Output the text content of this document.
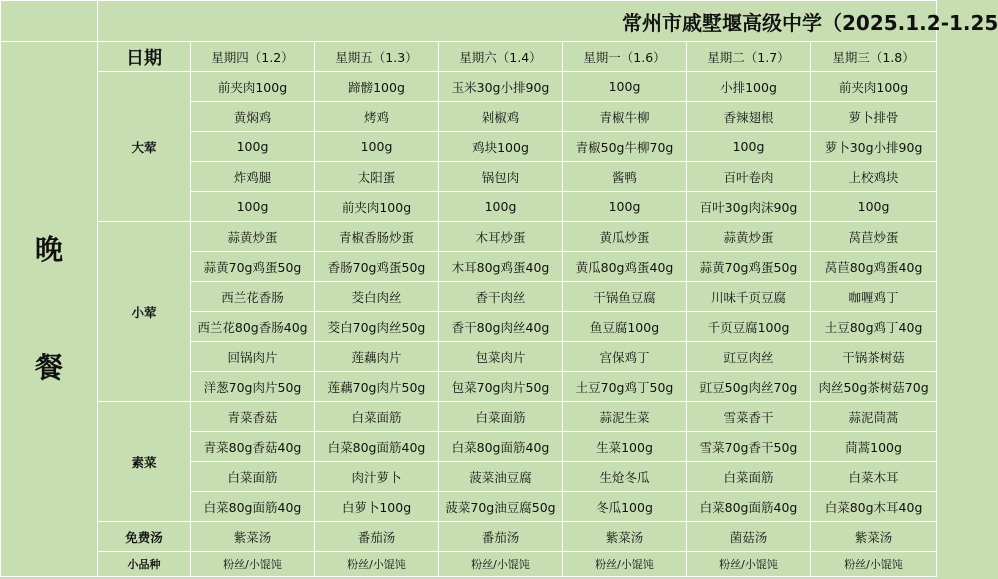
	常州市戚墅堰高级中学（2025.1.2-1.25						

晚
餐	日期	星期四（1.2）	星期五（1.3）	星期六（1.4）	星期一（1.6）	星期二（1.7）	星期三（1.8）
	大荤	前夹肉100g	蹄髈100g	玉米30g小排90g	100g	小排100g	前夹肉100g
		黄焖鸡	烤鸡	剁椒鸡	青椒牛柳	香辣翅根	萝卜排骨
		100g	100g	鸡块100g	青椒50g牛柳70g	100g	萝卜30g小排90g
		炸鸡腿	太阳蛋	锅包肉	酱鸭	百叶卷肉	上校鸡块
		100g	前夹肉100g	100g	100g	百叶30g肉沫90g	100g
	小荤	蒜黄炒蛋	青椒香肠炒蛋	木耳炒蛋	黄瓜炒蛋	蒜黄炒蛋	莴苣炒蛋
		蒜黄70g鸡蛋50g	香肠70g鸡蛋50g	木耳80g鸡蛋40g	黄瓜80g鸡蛋40g	蒜黄70g鸡蛋50g	莴苣80g鸡蛋40g
		西兰花香肠	茭白肉丝	香干肉丝	干锅鱼豆腐	川味千页豆腐	咖喱鸡丁
		西兰花80g香肠40g	茭白70g肉丝50g	香干80g肉丝40g	鱼豆腐100g	千页豆腐100g	土豆80g鸡丁40g
		回锅肉片	莲藕肉片	包菜肉片	宫保鸡丁	豇豆肉丝	干锅茶树菇
		洋葱70g肉片50g	莲藕70g肉片50g	包菜70g肉片50g	土豆70g鸡丁50g	豇豆50g肉丝70g	肉丝50g茶树菇70g
	素菜	青菜香菇	白菜面筋	白菜面筋	蒜泥生菜	雪菜香干	蒜泥茼蒿
		青菜80g香菇40g	白菜80g面筋40g	白菜80g面筋40g	生菜100g	雪菜70g香干50g	茼蒿100g
		白菜面筋	肉汁萝卜	菠菜油豆腐	生炝冬瓜	白菜面筋	白菜木耳
		白菜80g面筋40g	白萝卜100g	菠菜70g油豆腐50g	冬瓜100g	白菜80g面筋40g	白菜80g木耳40g
	免费汤	紫菜汤	番茄汤	番茄汤	紫菜汤	菌菇汤	紫菜汤
	小品种	粉丝/小馄饨	粉丝/小馄饨	粉丝/小馄饨	粉丝/小馄饨	粉丝/小馄饨	粉丝/小馄饨
